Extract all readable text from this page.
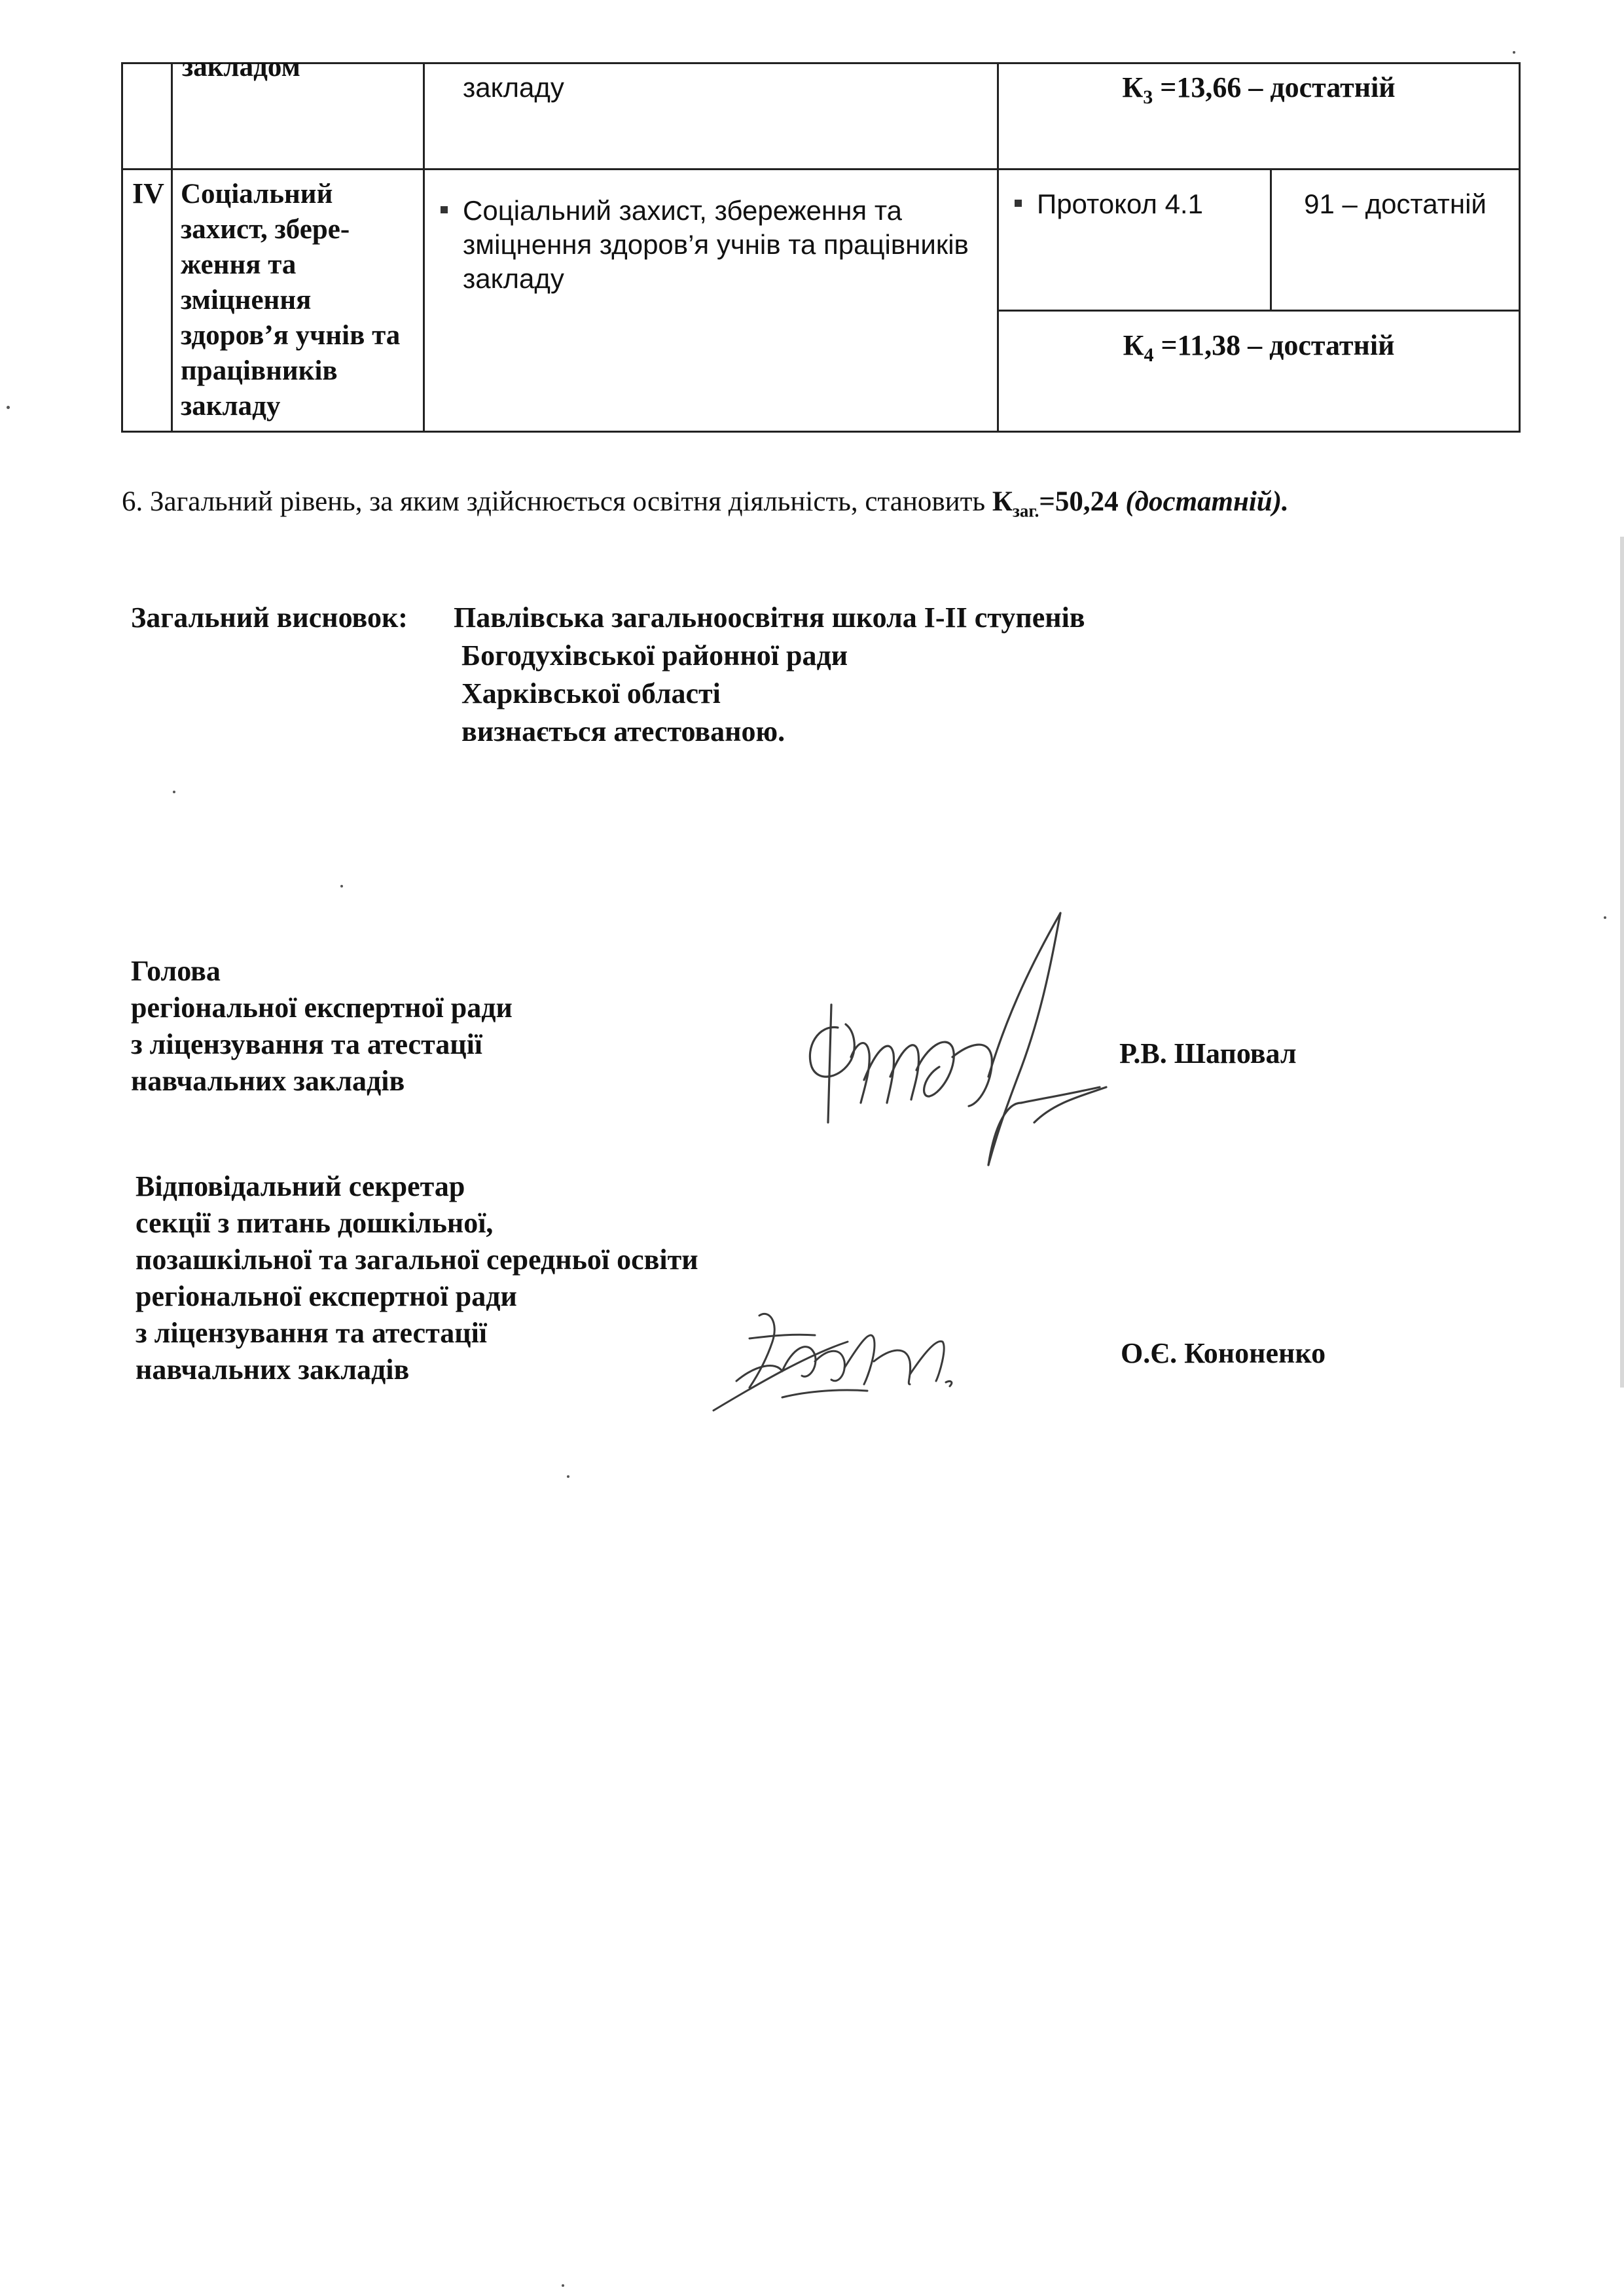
	закладом	закладу	$К_3 =13,66$ – достатній	
IV	Соціальний захист, збере-ження та зміцнення здоров’я учнів та працівників закладу	Соціальний захист, збереження та зміцнення здоров’я учнів та працівників закладу	Протокол 4.1	91 – достатній
			$К_4 =11,38$ – достатній	
6. Загальний рівень, за яким здійснюється освітня діяльність, становить $К_{заг.}=50,24$ (достатній).
Загальний висновок: Павлівська загальноосвітня школа І-ІІ ступенів
Богодухівської районної ради
Харківської області
визнається атестованою.
Голова
регіональної експертної ради
з ліцензування та атестації
навчальних закладів
Р.В. Шаповал
Відповідальний секретар
секції з питань дошкільної,
позашкільної та загальної середньої освіти
регіональної експертної ради
з ліцензування та атестації
навчальних закладів
О.Є. Кононенко
